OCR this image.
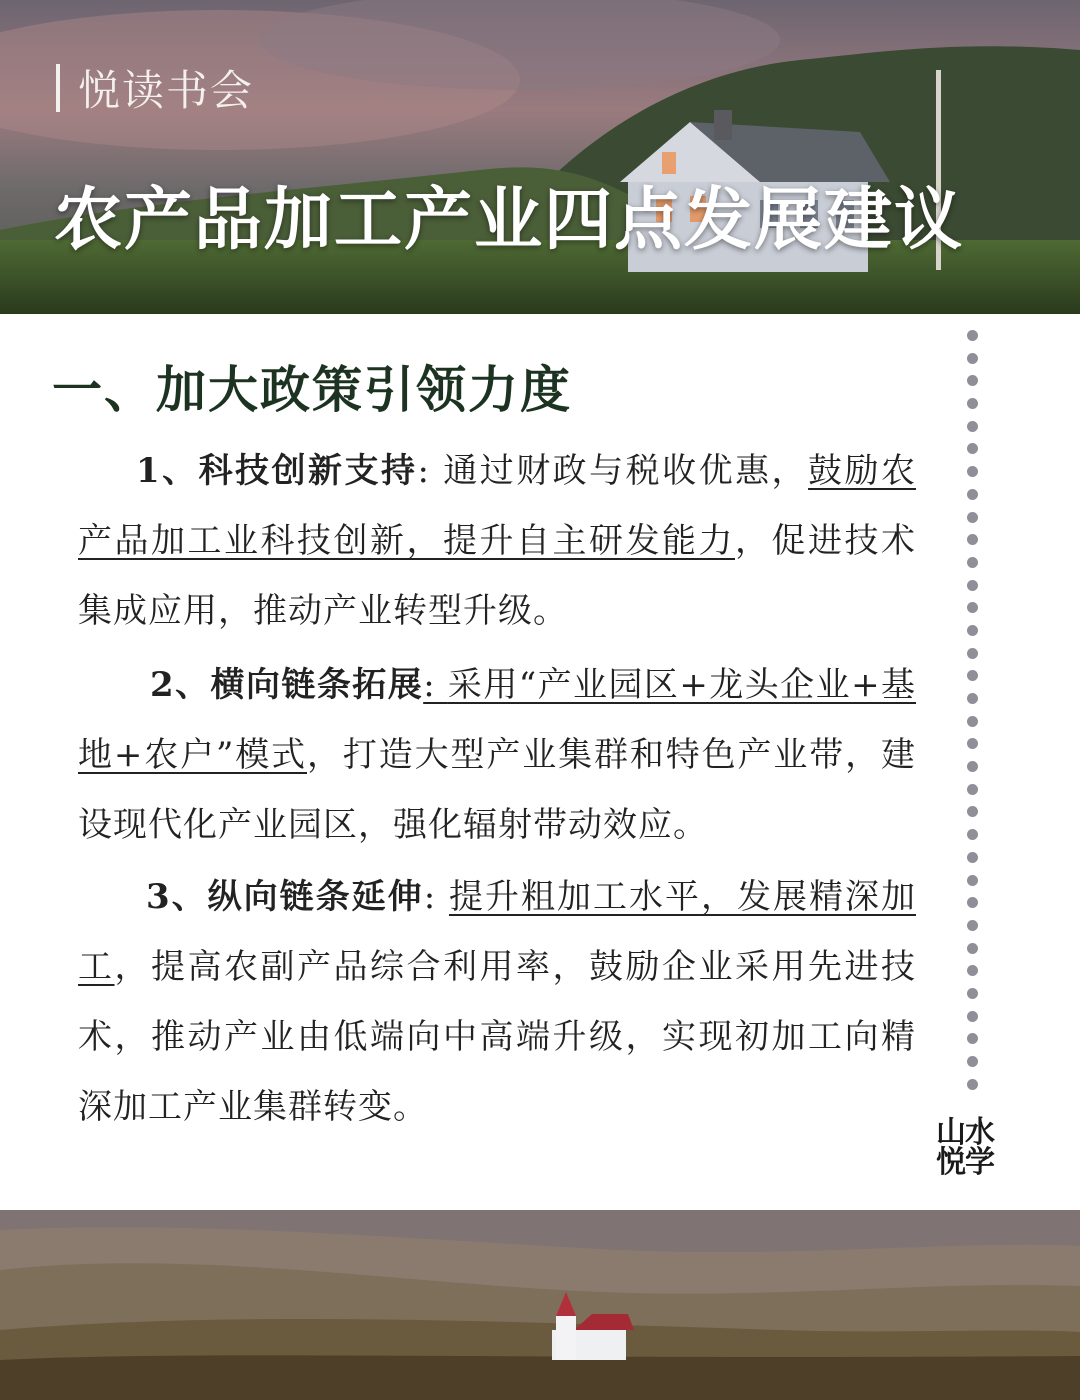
悦读书会
农产品加工产业四点发展建议
一、加大政策引领力度
1、科技创新支持: 通过财政与税收优惠，鼓励农产品加工业科技创新，提升自主研发能力，促进技术集成应用，推动产业转型升级。
2、横向链条拓展: 采用“产业园区+龙头企业+基地+农户”模式，打造大型产业集群和特色产业带，建设现代化产业园区，强化辐射带动效应。
3、纵向链条延伸: 提升粗加工水平，发展精深加工，提高农副产品综合利用率，鼓励企业采用先进技术，推动产业由低端向中高端升级，实现初加工向精深加工产业集群转变。
山水
悦学
